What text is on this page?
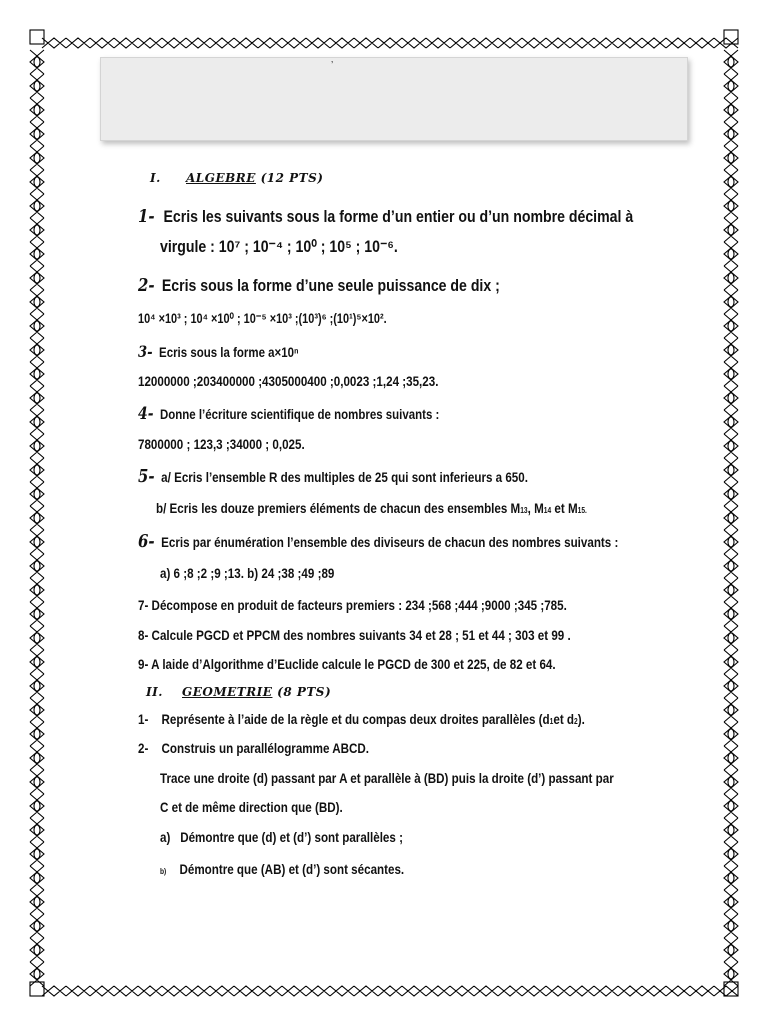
’
I. ALGEBRE (12 PTS)
1- Ecris les suivants sous la forme d’un entier ou d’un nombre décimal à
virgule : 10⁷ ; 10⁻⁴ ; 10⁰ ; 10⁵ ; 10⁻⁶.
2- Ecris sous la forme d’une seule puissance de dix ;
10⁴ ×10³ ; 10⁴ ×10⁰ ; 10⁻⁵ ×10³ ;(10³)⁶ ;(10¹)⁵×10².
3- Ecris sous la forme a×10ⁿ
12000000 ;203400000 ;4305000400 ;0,0023 ;1,24 ;35,23.
4- Donne l’écriture scientifique de nombres suivants :
7800000 ; 123,3 ;34000 ; 0,025.
5- a/ Ecris l’ensemble R des multiples de 25 qui sont inferieurs a 650.
b/ Ecris les douze premiers éléments de chacun des ensembles M13, M14 et M15.
6- Ecris par énumération l’ensemble des diviseurs de chacun des nombres suivants :
a) 6 ;8 ;2 ;9 ;13. b) 24 ;38 ;49 ;89
7- Décompose en produit de facteurs premiers : 234 ;568 ;444 ;9000 ;345 ;785.
8- Calcule PGCD et PPCM des nombres suivants 34 et 28 ; 51 et 44 ; 303 et 99 .
9- A laide d’Algorithme d’Euclide calcule le PGCD de 300 et 225, de 82 et 64.
II. GEOMETRIE (8 PTS)
1- Représente à l’aide de la règle et du compas deux droites parallèles (d1et d2).
2- Construis un parallélogramme ABCD.
Trace une droite (d) passant par A et parallèle à (BD) puis la droite (d’) passant par
C et de même direction que (BD).
a) Démontre que (d) et (d’) sont parallèles ;
b) Démontre que (AB) et (d’) sont sécantes.
